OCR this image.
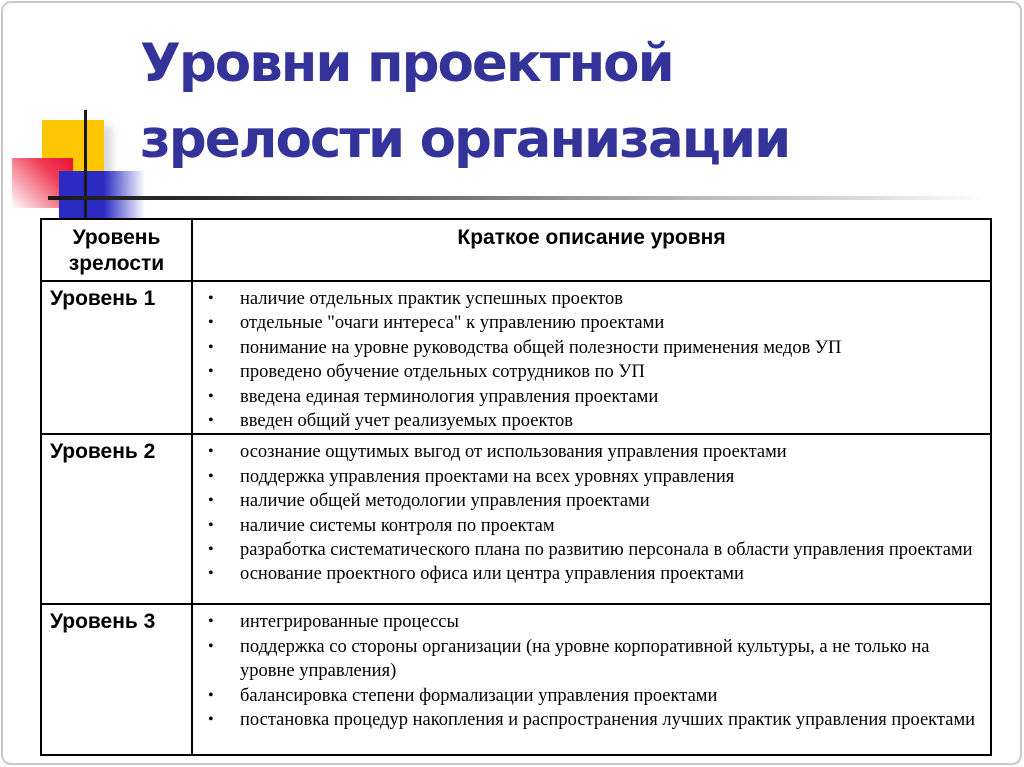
Уровни проектной
зрелости организации
Уровень зрелости	Краткое описание уровня
Уровень 1	•	наличие отдельных практик успешных проектов
•	отдельные "очаги интереса" к управлению проектами
•	понимание на уровне руководства общей полезности применения медов УП
•	проведено обучение отдельных сотрудников по УП
•	введена единая терминология управления проектами
•	введен общий учет реализуемых проектов

Уровень 2	•	осознание ощутимых выгод от использования управления проектами
•	поддержка управления проектами на всех уровнях управления
•	наличие общей методологии управления проектами
•	наличие системы контроля по проектам
•	разработка систематического плана по развитию персонала в области управления проектами
•	основание проектного офиса или центра управления проектами

Уровень 3	•	интегрированные процессы
•	поддержка со стороны организации (на уровне корпоративной культуры, а не только на уровне управления)
•	балансировка степени формализации управления проектами
•	постановка процедур накопления и распространения лучших практик управления проектами
